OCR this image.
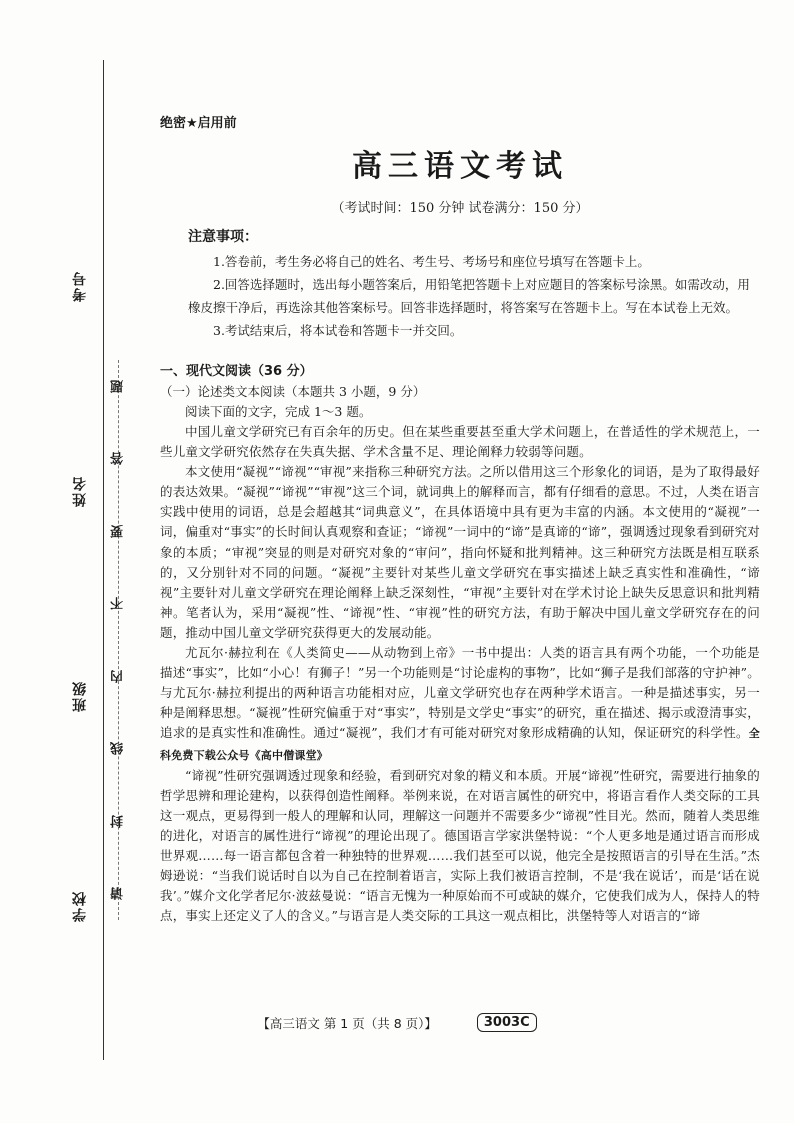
考号
姓名
班级
学校
题
答
要
不
内
线
封
请
绝密★启用前
高三语文考试
（考试时间：150 分钟 试卷满分：150 分）
注意事项：

1.答卷前，考生务必将自己的姓名、考生号、考场号和座位号填写在答题卡上。

2.回答选择题时，选出每小题答案后，用铅笔把答题卡上对应题目的答案标号涂黑。如需改动，用橡皮擦干净后，再选涂其他答案标号。回答非选择题时，将答案写在答题卡上。写在本试卷上无效。

3.考试结束后，将本试卷和答题卡一并交回。

一、现代文阅读（36 分）
（一）论述类文本阅读（本题共 3 小题，9 分）
阅读下面的文字，完成 1～3 题。

中国儿童文学研究已有百余年的历史。但在某些重要甚至重大学术问题上，在普适性的学术规范上，一些儿童文学研究依然存在失真失据、学术含量不足、理论阐释力较弱等问题。

本文使用“凝视”“谛视”“审视”来指称三种研究方法。之所以借用这三个形象化的词语，是为了取得最好的表达效果。“凝视”“谛视”“审视”这三个词，就词典上的解释而言，都有仔细看的意思。不过，人类在语言实践中使用的词语，总是会超越其“词典意义”，在具体语境中具有更为丰富的内涵。本文使用的“凝视”一词，偏重对“事实”的长时间认真观察和查证；“谛视”一词中的“谛”是真谛的“谛”，强调透过现象看到研究对象的本质；“审视”突显的则是对研究对象的“审问”，指向怀疑和批判精神。这三种研究方法既是相互联系的，又分别针对不同的问题。“凝视”主要针对某些儿童文学研究在事实描述上缺乏真实性和准确性，“谛视”主要针对儿童文学研究在理论阐释上缺乏深刻性，“审视”主要针对在学术讨论上缺失反思意识和批判精神。笔者认为，采用“凝视”性、“谛视”性、“审视”性的研究方法，有助于解决中国儿童文学研究存在的问题，推动中国儿童文学研究获得更大的发展动能。

尤瓦尔·赫拉利在《人类简史——从动物到上帝》一书中提出：人类的语言具有两个功能，一个功能是描述“事实”，比如“小心！有狮子！”另一个功能则是“讨论虚构的事物”，比如“狮子是我们部落的守护神”。与尤瓦尔·赫拉利提出的两种语言功能相对应，儿童文学研究也存在两种学术语言。一种是描述事实，另一种是阐释思想。“凝视”性研究偏重于对“事实”，特别是文学史“事实”的研究，重在描述、揭示或澄清事实，追求的是真实性和准确性。通过“凝视”，我们才有可能对研究对象形成精确的认知，保证研究的科学性。全科免费下载公众号《高中僧课堂》

“谛视”性研究强调透过现象和经验，看到研究对象的精义和本质。开展“谛视”性研究，需要进行抽象的哲学思辨和理论建构，以获得创造性阐释。举例来说，在对语言属性的研究中，将语言看作人类交际的工具这一观点，更易得到一般人的理解和认同，理解这一问题并不需要多少“谛视”性目光。然而，随着人类思维的进化，对语言的属性进行“谛视”的理论出现了。德国语言学家洪堡特说：“个人更多地是通过语言而形成世界观……每一语言都包含着一种独特的世界观……我们甚至可以说，他完全是按照语言的引导在生活。”杰姆逊说：“当我们说话时自以为自己在控制着语言，实际上我们被语言控制，不是‘我在说话’，而是‘话在说我’。”媒介文化学者尼尔·波兹曼说：“语言无愧为一种原始而不可或缺的媒介，它使我们成为人，保持人的特点，事实上还定义了人的含义。”与语言是人类交际的工具这一观点相比，洪堡特等人对语言的“谛

【高三语文 第 1 页（共 8 页）】	3003C
